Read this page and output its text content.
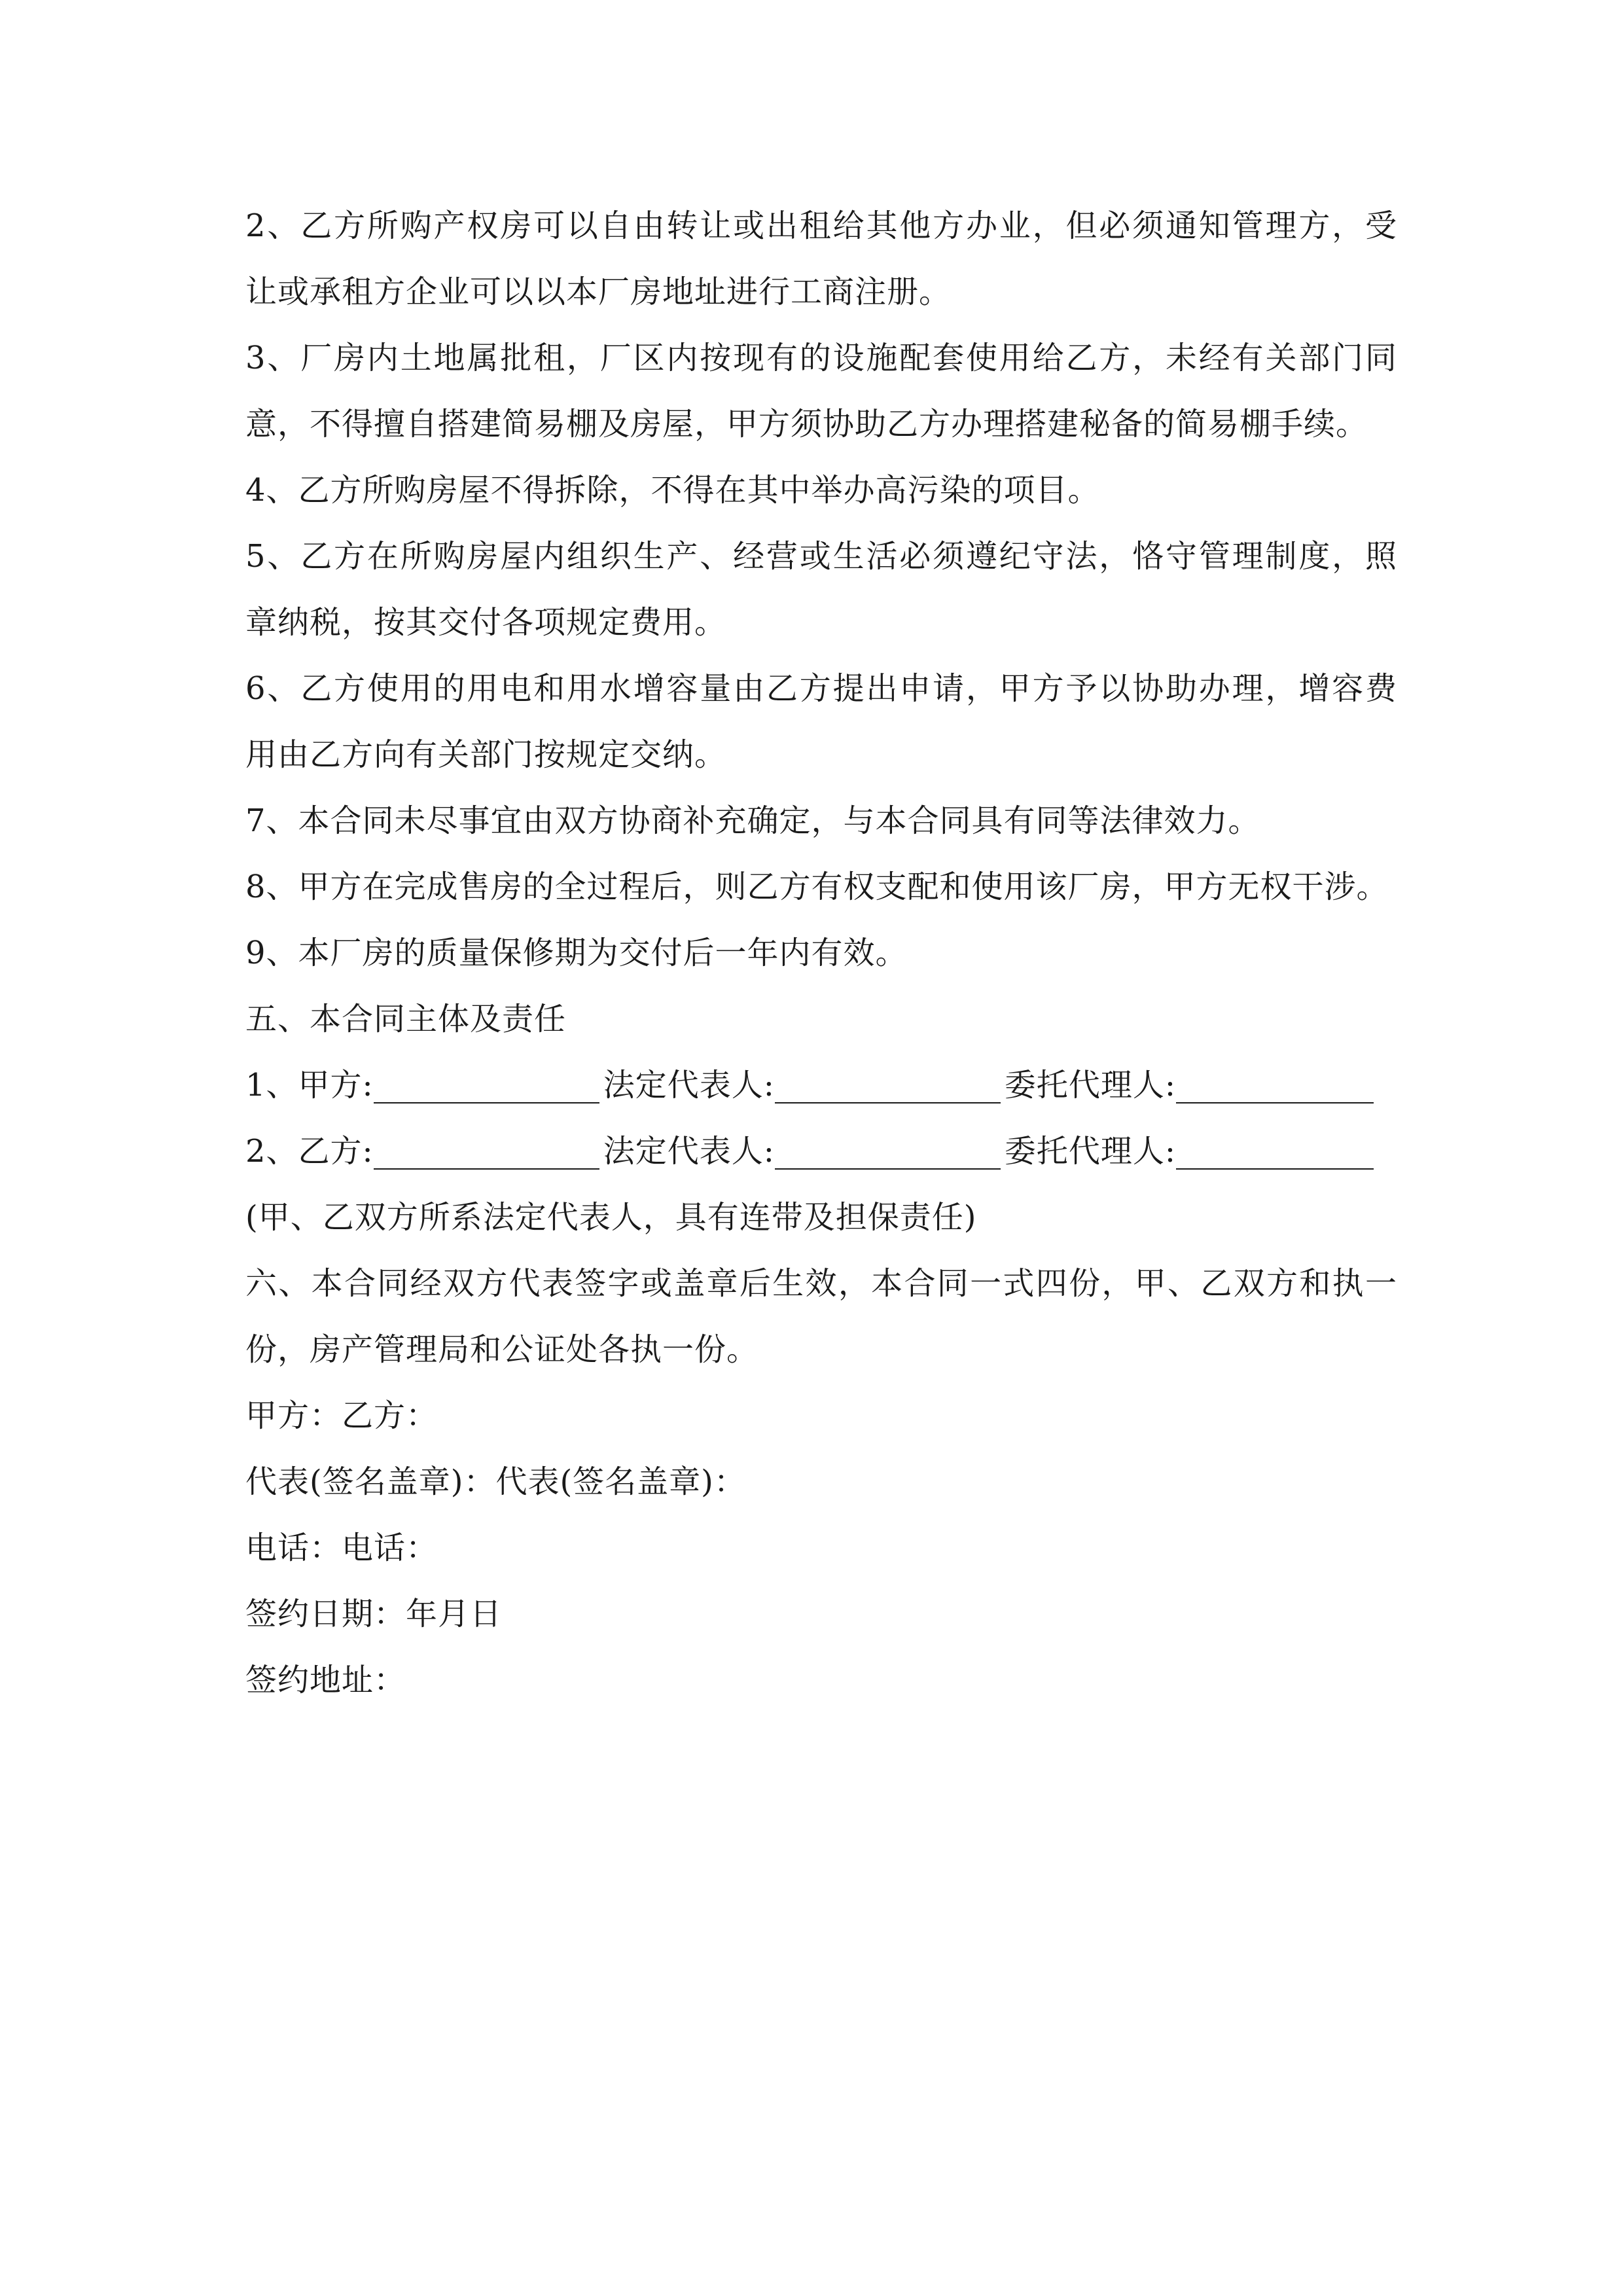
2、乙方所购产权房可以自由转让或出租给其他方办业，但必须通知管理方，受
让或承租方企业可以以本厂房地址进行工商注册。
3、厂房内土地属批租，厂区内按现有的设施配套使用给乙方，未经有关部门同
意，不得擅自搭建简易棚及房屋，甲方须协助乙方办理搭建秘备的简易棚手续。
4、乙方所购房屋不得拆除，不得在其中举办高污染的项目。
5、乙方在所购房屋内组织生产、经营或生活必须遵纪守法，恪守管理制度，照
章纳税，按其交付各项规定费用。
6、乙方使用的用电和用水增容量由乙方提出申请，甲方予以协助办理，增容费
用由乙方向有关部门按规定交纳。
7、本合同未尽事宜由双方协商补充确定，与本合同具有同等法律效力。
8、甲方在完成售房的全过程后，则乙方有权支配和使用该厂房，甲方无权干涉。
9、本厂房的质量保修期为交付后一年内有效。
五、本合同主体及责任
1、甲方:	法定代表人:	委托代理人:
2、乙方:	法定代表人:	委托代理人:
(甲、乙双方所系法定代表人，具有连带及担保责任)
六、本合同经双方代表签字或盖章后生效，本合同一式四份，甲、乙双方和执一
份，房产管理局和公证处各执一份。
甲方：乙方：
代表(签名盖章)：代表(签名盖章)：
电话：电话：
签约日期：年月日
签约地址：
